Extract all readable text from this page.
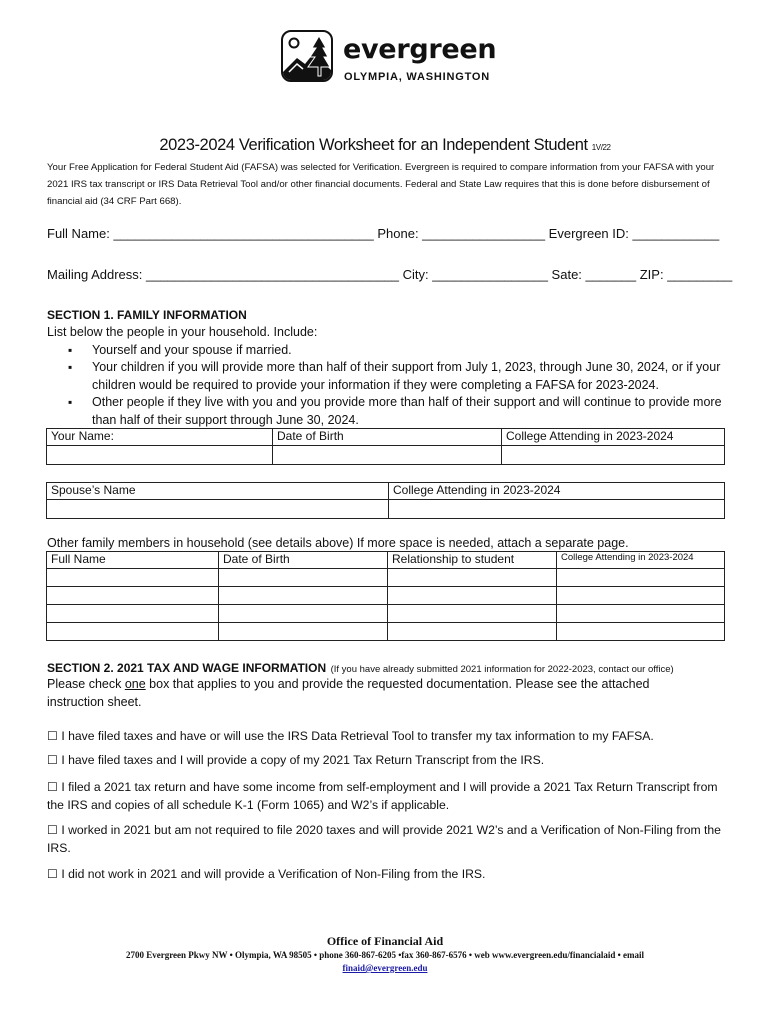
evergreen
OLYMPIA, WASHINGTON
2023-2024 Verification Worksheet for an Independent Student 1V/22
Your Free Application for Federal Student Aid (FAFSA) was selected for Verification. Evergreen is required to compare information from your FAFSA with your 2021 IRS tax transcript or IRS Data Retrieval Tool and/or other financial documents. Federal and State Law requires that this is done before disbursement of financial aid (34 CRF Part 668).
Full Name: ____________________________________ Phone: _________________ Evergreen ID: ____________
Mailing Address: ___________________________________ City: ________________ Sate: _______ ZIP: _________
SECTION 1. FAMILY INFORMATION
List below the people in your household. Include:
▪ Yourself and your spouse if married.
▪ Your children if you will provide more than half of their support from July 1, 2023, through June 30, 2024, or if your children would be required to provide your information if they were completing a FAFSA for 2023-2024.
▪ Other people if they live with you and you provide more than half of their support and will continue to provide more than half of their support through June 30, 2024.
Your Name:	Date of Birth	College Attending in 2023-2024

Spouse’s Name	College Attending in 2023-2024

Other family members in household (see details above) If more space is needed, attach a separate page.
Full Name	Date of Birth	Relationship to student	College Attending in 2023-2024

SECTION 2. 2021 TAX AND WAGE INFORMATION (If you have already submitted 2021 information for 2022-2023, contact our office)
Please check one box that applies to you and provide the requested documentation. Please see the attached instruction sheet.
☐ I have filed taxes and have or will use the IRS Data Retrieval Tool to transfer my tax information to my FAFSA.
☐ I have filed taxes and I will provide a copy of my 2021 Tax Return Transcript from the IRS.
☐ I filed a 2021 tax return and have some income from self-employment and I will provide a 2021 Tax Return Transcript from the IRS and copies of all schedule K-1 (Form 1065) and W2’s if applicable.
☐ I worked in 2021 but am not required to file 2020 taxes and will provide 2021 W2’s and a Verification of Non-Filing from the IRS.
☐ I did not work in 2021 and will provide a Verification of Non-Filing from the IRS.
Office of Financial Aid
2700 Evergreen Pkwy NW • Olympia, WA 98505 • phone 360-867-6205 •fax 360-867-6576 • web www.evergreen.edu/financialaid • email
finaid@evergreen.edu
